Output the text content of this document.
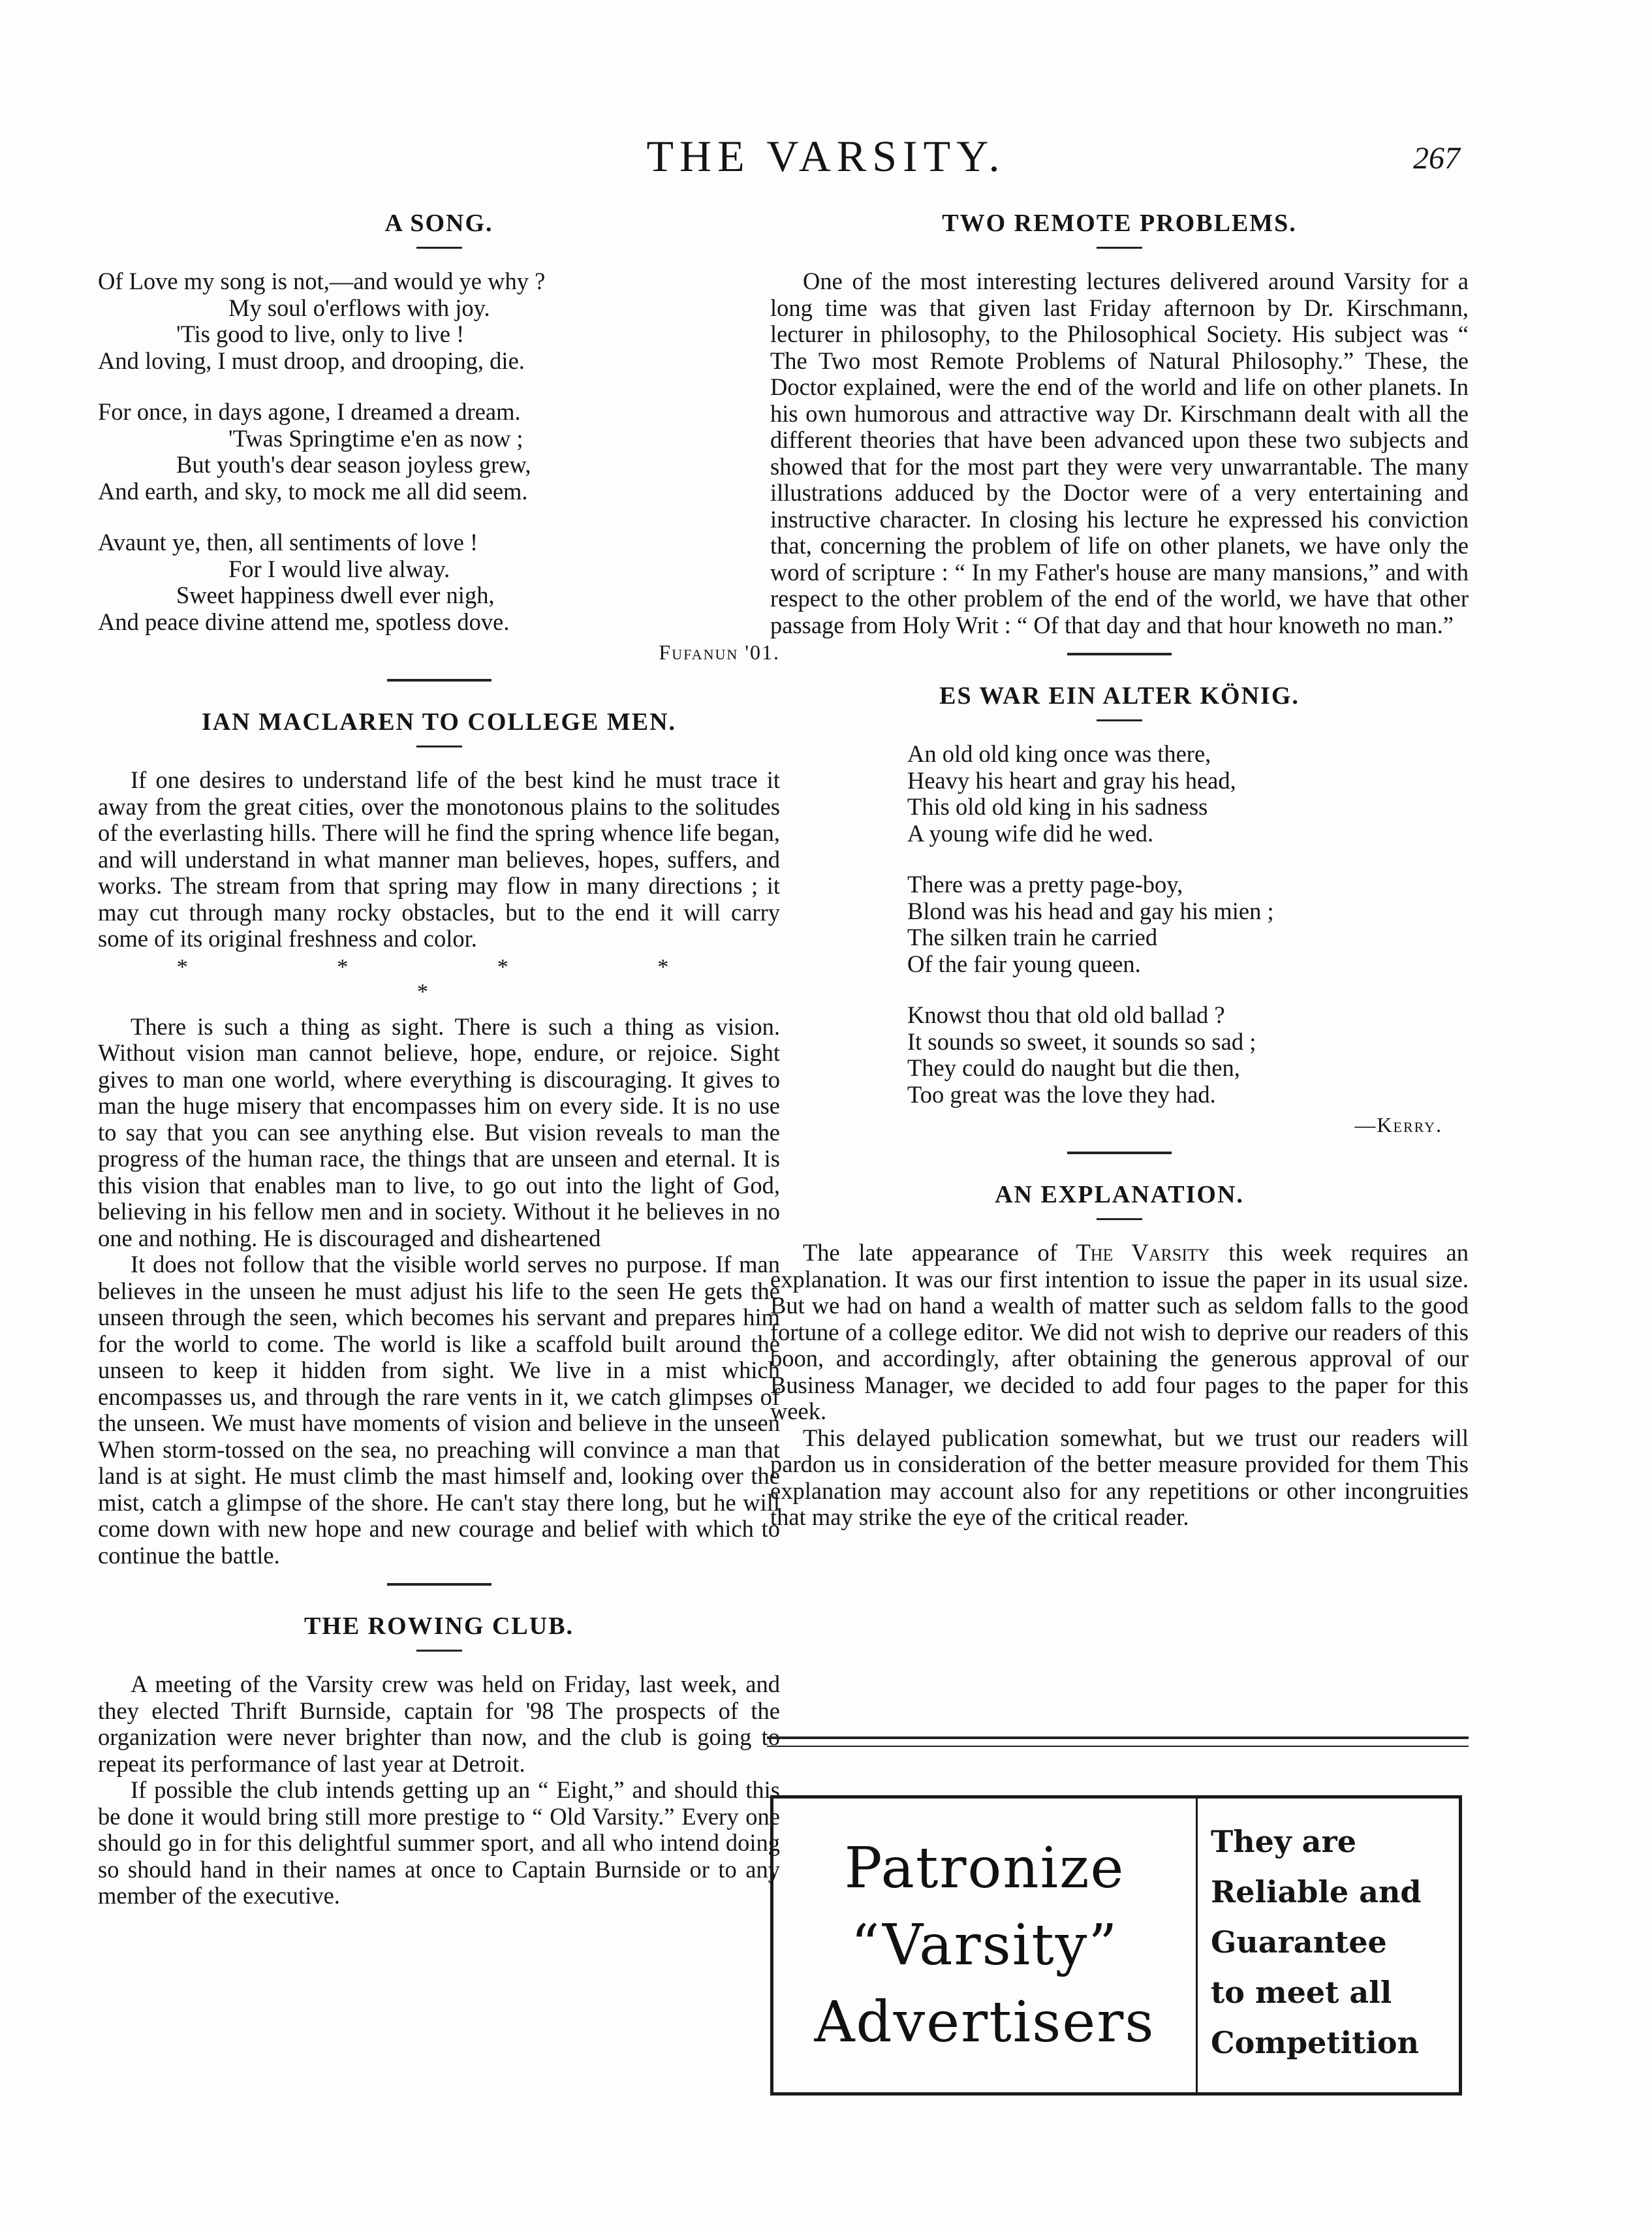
THE VARSITY.	267
A SONG.
Of Love my song is not,—and would ye why ?
My soul o'erflows with joy.
'Tis good to live, only to live !
And loving, I must droop, and drooping, die.
For once, in days agone, I dreamed a dream.
'Twas Springtime e'en as now ;
But youth's dear season joyless grew,
And earth, and sky, to mock me all did seem.
Avaunt ye, then, all sentiments of love !
For I would live alway.
Sweet happiness dwell ever nigh,
And peace divine attend me, spotless dove.
Fufanun '01.
IAN MACLAREN TO COLLEGE MEN.

If one desires to understand life of the best kind he must trace it away from the great cities, over the monotonous plains to the solitudes of the everlasting hills. There will he find the spring whence life began, and will understand in what manner man believes, hopes, suffers, and works. The stream from that spring may flow in many directions ; it may cut through many rocky obstacles, but to the end it will carry some of its original freshness and color.

* * * * *

There is such a thing as sight. There is such a thing as vision. Without vision man cannot believe, hope, endure, or rejoice. Sight gives to man one world, where everything is discouraging. It gives to man the huge misery that encompasses him on every side. It is no use to say that you can see anything else. But vision reveals to man the progress of the human race, the things that are unseen and eternal. It is this vision that enables man to live, to go out into the light of God, believing in his fellow men and in society. Without it he believes in no one and nothing. He is discouraged and disheartened

It does not follow that the visible world serves no purpose. If man believes in the unseen he must adjust his life to the seen He gets the unseen through the seen, which becomes his servant and prepares him for the world to come. The world is like a scaffold built around the unseen to keep it hidden from sight. We live in a mist which encompasses us, and through the rare vents in it, we catch glimpses of the unseen. We must have moments of vision and believe in the unseen When storm-tossed on the sea, no preaching will convince a man that land is at sight. He must climb the mast himself and, looking over the mist, catch a glimpse of the shore. He can't stay there long, but he will come down with new hope and new courage and belief with which to continue the battle.

THE ROWING CLUB.

A meeting of the Varsity crew was held on Friday, last week, and they elected Thrift Burnside, captain for '98 The prospects of the organization were never brighter than now, and the club is going to repeat its performance of last year at Detroit.

If possible the club intends getting up an “ Eight,” and should this be done it would bring still more prestige to “ Old Varsity.” Every one should go in for this delightful summer sport, and all who intend doing so should hand in their names at once to Captain Burnside or to any member of the executive.

TWO REMOTE PROBLEMS.

One of the most interesting lectures delivered around Varsity for a long time was that given last Friday afternoon by Dr. Kirschmann, lecturer in philosophy, to the Philosophical Society. His subject was “ The Two most Remote Problems of Natural Philosophy.” These, the Doctor explained, were the end of the world and life on other planets. In his own humorous and attractive way Dr. Kirschmann dealt with all the different theories that have been advanced upon these two subjects and showed that for the most part they were very unwarrantable. The many illustrations adduced by the Doctor were of a very entertaining and instructive character. In closing his lecture he expressed his conviction that, concerning the problem of life on other planets, we have only the word of scripture : “ In my Father's house are many mansions,” and with respect to the other problem of the end of the world, we have that other passage from Holy Writ : “ Of that day and that hour knoweth no man.”

ES WAR EIN ALTER KÖNIG.
An old old king once was there,
Heavy his heart and gray his head,
This old old king in his sadness
A young wife did he wed.
There was a pretty page-boy,
Blond was his head and gay his mien ;
The silken train he carried
Of the fair young queen.
Knowst thou that old old ballad ?
It sounds so sweet, it sounds so sad ;
They could do naught but die then,
Too great was the love they had.
—Kerry.
AN EXPLANATION.

The late appearance of The Varsity this week requires an explanation. It was our first intention to issue the paper in its usual size. But we had on hand a wealth of matter such as seldom falls to the good fortune of a college editor. We did not wish to deprive our readers of this boon, and accordingly, after obtaining the generous approval of our Business Manager, we decided to add four pages to the paper for this week.

This delayed publication somewhat, but we trust our readers will pardon us in consideration of the better measure provided for them This explanation may account also for any repetitions or other incongruities that may strike the eye of the critical reader.

Patronize
“Varsity”
Advertisers
They are
Reliable and
Guarantee
to meet all
Competition
